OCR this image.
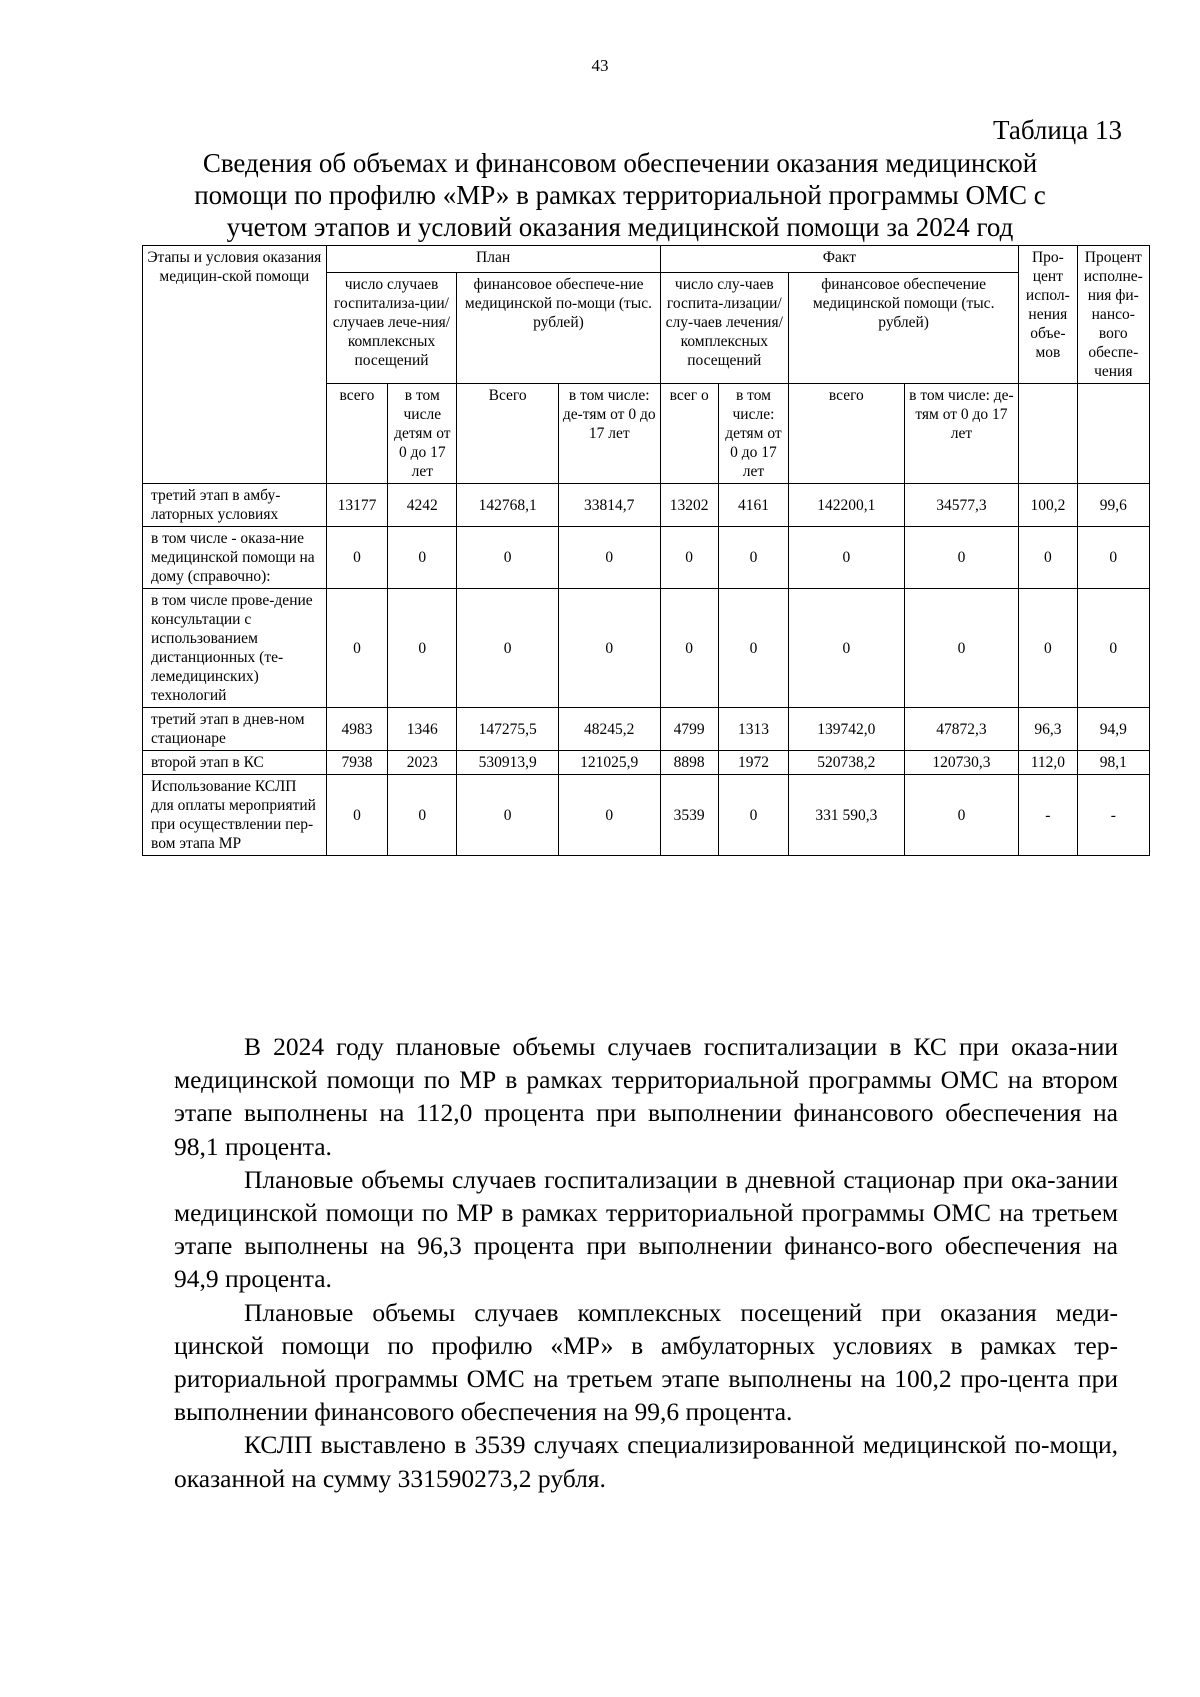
43
Таблица 13
Сведения об объемах и финансовом обеспечении оказания медицинской помощи по профилю «МР» в рамках территориальной программы ОМС с учетом этапов и условий оказания медицинской помощи за 2024 год
Этапы и условия оказания медицин-ской помощи	План				Факт				Про-цент испол-нения объе-мов	Процент исполне-ния фи-нансо-вого обеспе-чения
	число случаев госпитализа-ции/ случаев лече-ния/ комплексных посещений		финансовое обеспече-ние медицинской по-мощи (тыс. рублей)		число слу-чаев госпита-лизации/ слу-чаев лечения/ комплексных посещений		финансовое обеспечение медицинской помощи (тыс. рублей)			
	всего	в том числе детям от 0 до 17 лет	Всего	в том числе: де-тям от 0 до 17 лет	всег о	в том числе: детям от 0 до 17 лет	всего	в том числе: де-тям от 0 до 17 лет		
третий этап в амбу-латорных условиях	13177	4242	142768,1	33814,7	13202	4161	142200,1	34577,3	100,2	99,6
в том числе - оказа-ние медицинской помощи на дому (справочно):	0	0	0	0	0	0	0	0	0	0
в том числе прове-дение консультации с использованием дистанционных (те-лемедицинских) технологий	0	0	0	0	0	0	0	0	0	0
третий этап в днев-ном стационаре	4983	1346	147275,5	48245,2	4799	1313	139742,0	47872,3	96,3	94,9
второй этап в КС	7938	2023	530913,9	121025,9	8898	1972	520738,2	120730,3	112,0	98,1
Использование КСЛП для оплаты мероприятий при осуществлении пер-вом этапа МР	0	0	0	0	3539	0	331 590,3	0	-	-

В 2024 году плановые объемы случаев госпитализации в КС при оказа-нии медицинской помощи по МР в рамках территориальной программы ОМС на втором этапе выполнены на 112,0 процента при выполнении финансового обеспечения на 98,1 процента.

Плановые объемы случаев госпитализации в дневной стационар при ока-зании медицинской помощи по МР в рамках территориальной программы ОМС на третьем этапе выполнены на 96,3 процента при выполнении финансо-вого обеспечения на 94,9 процента.

Плановые объемы случаев комплексных посещений при оказания меди-цинской помощи по профилю «МР» в амбулаторных условиях в рамках тер-риториальной программы ОМС на третьем этапе выполнены на 100,2 про-цента при выполнении финансового обеспечения на 99,6 процента.

КСЛП выставлено в 3539 случаях специализированной медицинской по-мощи, оказанной на сумму 331590273,2 рубля.
